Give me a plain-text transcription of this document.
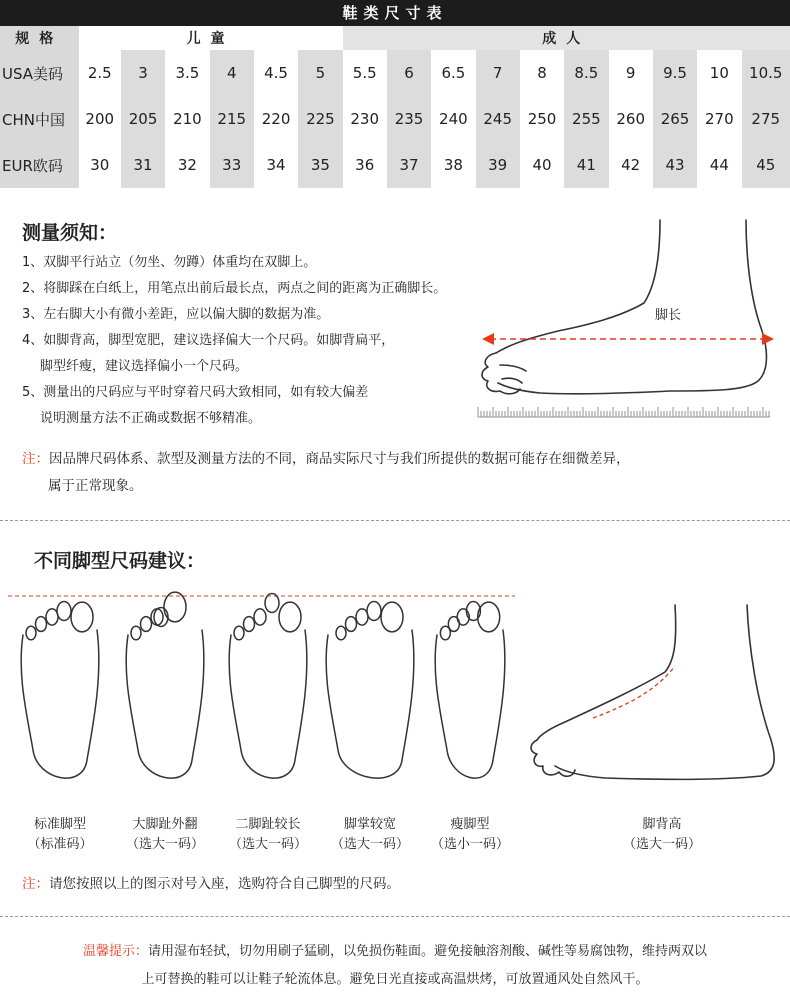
鞋类尺寸表
规格	儿童						成人									
USA美码	2.5	3	3.5	4	4.5	5	5.5	6	6.5	7	8	8.5	9	9.5	10	10.5
CHN中国	200	205	210	215	220	225	230	235	240	245	250	255	260	265	270	275
EUR欧码	30	31	32	33	34	35	36	37	38	39	40	41	42	43	44	45
测量须知：
1、双脚平行站立（勿坐、勿蹲）体重均在双脚上。
2、将脚踩在白纸上，用笔点出前后最长点，两点之间的距离为正确脚长。
3、左右脚大小有微小差距，应以偏大脚的数据为准。
4、如脚背高，脚型宽肥，建议选择偏大一个尺码。如脚背扁平，
脚型纤瘦，建议选择偏小一个尺码。
5、测量出的尺码应与平时穿着尺码大致相同，如有较大偏差
说明测量方法不正确或数据不够精准。
脚长
注：因品牌尺码体系、款型及测量方法的不同，商品实际尺寸与我们所提供的数据可能存在细微差异，
属于正常现象。
不同脚型尺码建议：
标准脚型
（标准码）
大脚趾外翻
（选大一码）
二脚趾较长
（选大一码）
脚掌较宽
（选大一码）
瘦脚型
（选小一码）
脚背高
（选大一码）
注：请您按照以上的图示对号入座，选购符合自己脚型的尺码。
温馨提示：请用湿布轻拭，切勿用刷子猛刷，以免损伤鞋面。避免接触溶剂酸、碱性等易腐蚀物，维持两双以
上可替换的鞋可以让鞋子轮流体息。避免日光直接或高温烘烤，可放置通风处自然风干。
